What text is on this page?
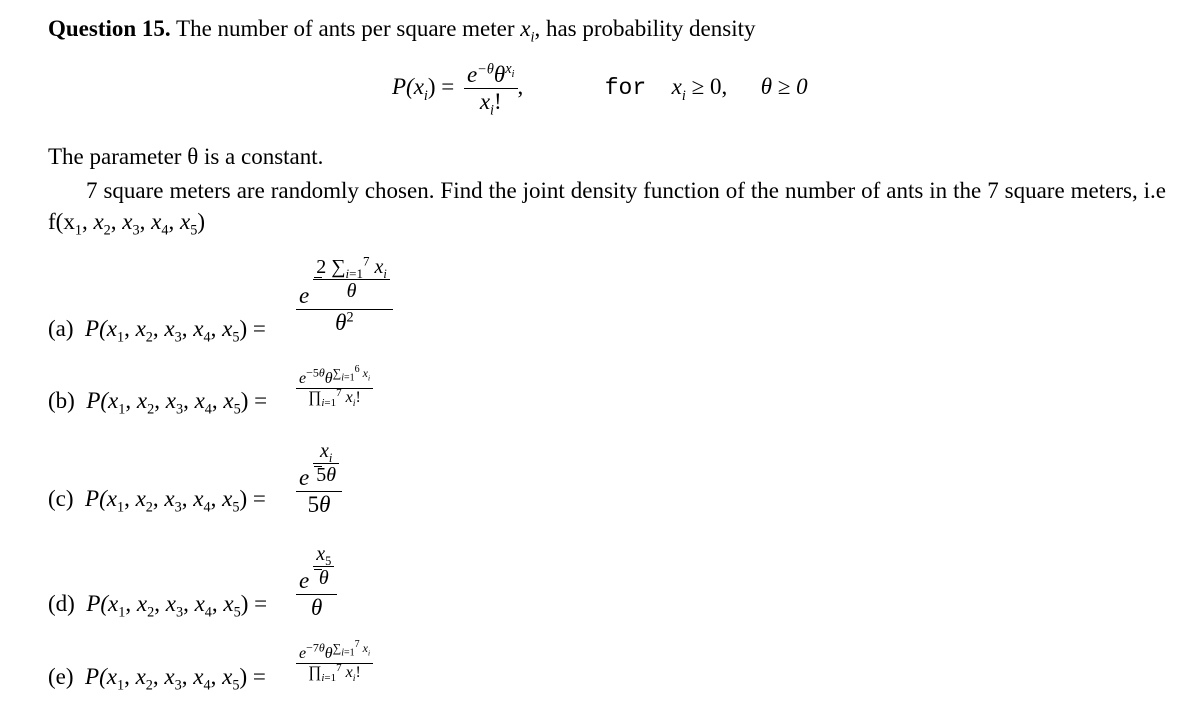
Question 15. The number of ants per square meter $x_i$, has probability density
$P(x_i) = \frac{e^{-\theta}\theta^{x_i}}{x_i!}$ ,	for $x_i \ge 0$, θ ≥ 0
The parameter θ is a constant.
7 square meters are randomly chosen. Find the joint density function of the number of ants in the 7 square meters, i.e $f(x_1$, $x_2$, $x_3$, $x_4$, $x_5$)
(a) $P(x_1$, $x_2$, $x_3$, $x_4$, $x_5) = \frac{e \frac{2 \sum_{i=1}^7 x_i}{\theta}}{\theta^2}$
(b) $P(x_1$, $x_2$, $x_3$, $x_4$, $x_5) = \frac{e^{-5\theta}\theta^{\sum_{i=1}^6 x_i}}{\prod_{i=1}^7 x_i!}$
(c) $P(x_1$, $x_2$, $x_3$, $x_4$, $x_5) = \frac{e \frac{x_i}{5\theta}}{5\theta}$
(d) $P(x_1$, $x_2$, $x_3$, $x_4$, $x_5) = \frac{e \frac{x_5}{\theta}}{\theta}$
(e) $P(x_1$, $x_2$, $x_3$, $x_4$, $x_5) = \frac{e^{-7\theta}\theta^{\sum_{i=1}^7 x_i}}{\prod_{i=1}^7 x_i!}$
